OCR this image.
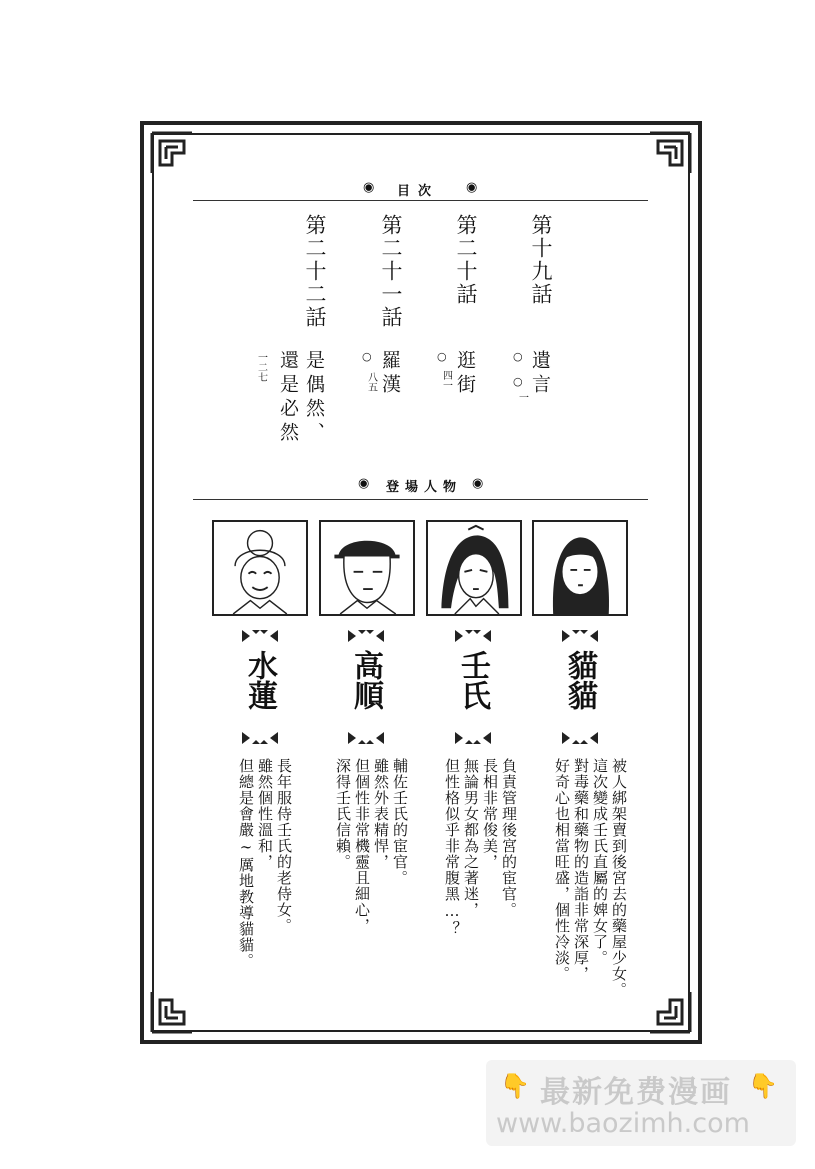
◉ 目次 ◉
第十九話
○ 遺言
○
一
第二十話
○ 逛街
四一
第二十一話
○ 羅漢
八五
第二十二話
是偶然、
還是必然
一二七
◉ 登場人物 ◉
貓貓
壬氏
高順
水蓮
被人綁架賣到後宮去的藥屋少女。
這次變成壬氏直屬的婢女了。
對毒藥和藥物的造詣非常深厚，
好奇心也相當旺盛，個性冷淡。
負責管理後宮的宦官。
長相非常俊美，
無論男女都為之著迷，
但性格似乎非常腹黑…？
輔佐壬氏的宦官。
雖然外表精悍，
但個性非常機靈且細心，
深得壬氏信賴。
長年服侍壬氏的老侍女。
雖然個性溫和，
但總是會嚴∼厲地教導貓貓。
👇 最新免费漫画 👇
www.baozimh.com
